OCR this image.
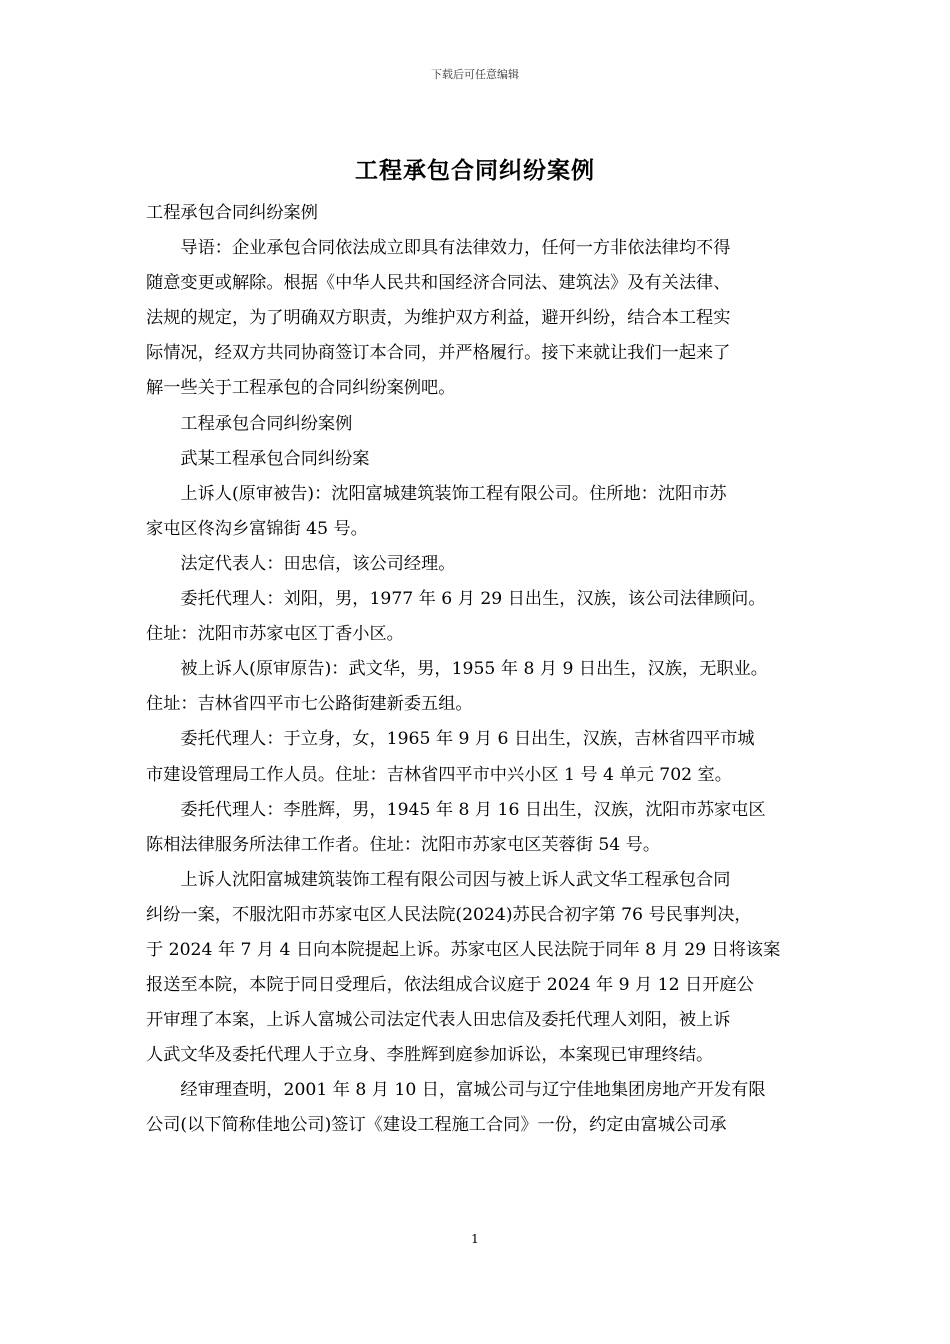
下载后可任意编辑
工程承包合同纠纷案例

工程承包合同纠纷案例

导语：企业承包合同依法成立即具有法律效力，任何一方非依法律均不得
随意变更或解除。根据《中华人民共和国经济合同法、建筑法》及有关法律、
法规的规定，为了明确双方职责，为维护双方利益，避开纠纷，结合本工程实
际情况，经双方共同协商签订本合同，并严格履行。接下来就让我们一起来了
解一些关于工程承包的合同纠纷案例吧。

工程承包合同纠纷案例

武某工程承包合同纠纷案

上诉人(原审被告)：沈阳富城建筑装饰工程有限公司。住所地：沈阳市苏
家屯区佟沟乡富锦街 45 号。

法定代表人：田忠信，该公司经理。

委托代理人：刘阳，男，1977 年 6 月 29 日出生，汉族，该公司法律顾问。
住址：沈阳市苏家屯区丁香小区。

被上诉人(原审原告)：武文华，男，1955 年 8 月 9 日出生，汉族，无职业。
住址：吉林省四平市七公路街建新委五组。

委托代理人：于立身，女，1965 年 9 月 6 日出生，汉族，吉林省四平市城
市建设管理局工作人员。住址：吉林省四平市中兴小区 1 号 4 单元 702 室。

委托代理人：李胜辉，男，1945 年 8 月 16 日出生，汉族，沈阳市苏家屯区
陈相法律服务所法律工作者。住址：沈阳市苏家屯区芙蓉街 54 号。

上诉人沈阳富城建筑装饰工程有限公司因与被上诉人武文华工程承包合同
纠纷一案，不服沈阳市苏家屯区人民法院(2024)苏民合初字第 76 号民事判决，
于 2024 年 7 月 4 日向本院提起上诉。苏家屯区人民法院于同年 8 月 29 日将该案
报送至本院，本院于同日受理后，依法组成合议庭于 2024 年 9 月 12 日开庭公
开审理了本案，上诉人富城公司法定代表人田忠信及委托代理人刘阳，被上诉
人武文华及委托代理人于立身、李胜辉到庭参加诉讼，本案现已审理终结。

经审理查明，2001 年 8 月 10 日，富城公司与辽宁佳地集团房地产开发有限
公司(以下简称佳地公司)签订《建设工程施工合同》一份，约定由富城公司承

1
